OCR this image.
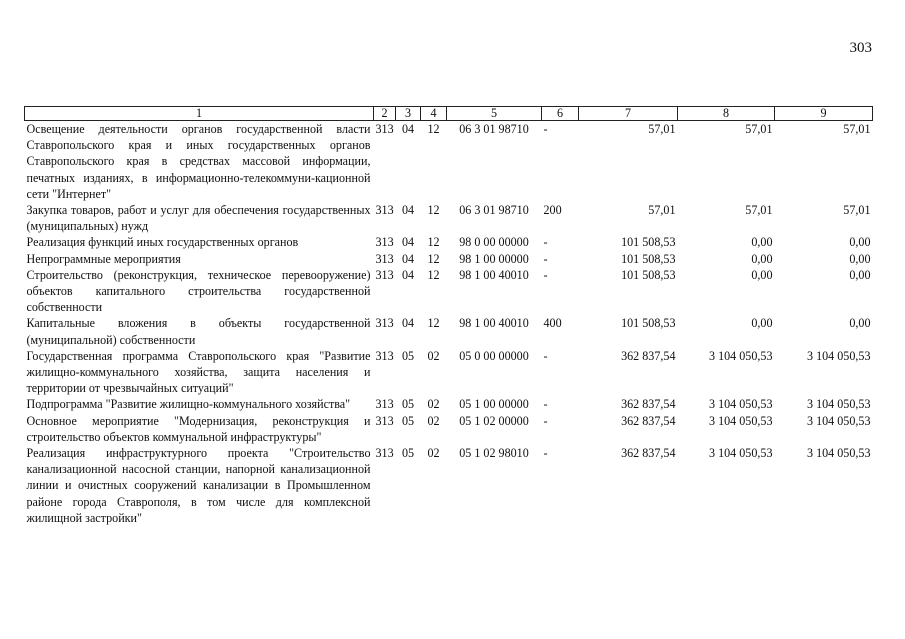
303
1	2	3	4	5	6	7	8	9
Освещение деятельности органов государственной власти Ставропольского края и иных государственных органов Ставропольского края в средствах массовой информации, печатных изданиях, в информационно-телекоммуни-кационной сети "Интернет"	313	04	12	06 3 01 98710	-	57,01	57,01	57,01
Закупка товаров, работ и услуг для обеспечения государственных (муниципальных) нужд	313	04	12	06 3 01 98710	200	57,01	57,01	57,01
Реализация функций иных государственных органов	313	04	12	98 0 00 00000	-	101 508,53	0,00	0,00
Непрограммные мероприятия	313	04	12	98 1 00 00000	-	101 508,53	0,00	0,00
Строительство (реконструкция, техническое перевооружение) объектов капитального строительства государственной собственности	313	04	12	98 1 00 40010	-	101 508,53	0,00	0,00
Капитальные вложения в объекты государственной (муниципальной) собственности	313	04	12	98 1 00 40010	400	101 508,53	0,00	0,00
Государственная программа Ставропольского края "Развитие жилищно-коммунального хозяйства, защита населения и территории от чрезвычайных ситуаций"	313	05	02	05 0 00 00000	-	362 837,54	3 104 050,53	3 104 050,53
Подпрограмма "Развитие жилищно-коммунального хозяйства"	313	05	02	05 1 00 00000	-	362 837,54	3 104 050,53	3 104 050,53
Основное мероприятие "Модернизация, реконструкция и строительство объектов коммунальной инфраструктуры"	313	05	02	05 1 02 00000	-	362 837,54	3 104 050,53	3 104 050,53
Реализация инфраструктурного проекта "Строительство канализационной насосной станции, напорной канализационной линии и очистных сооружений канализации в Промышленном районе города Ставрополя, в том числе для комплексной жилищной застройки"	313	05	02	05 1 02 98010	-	362 837,54	3 104 050,53	3 104 050,53
